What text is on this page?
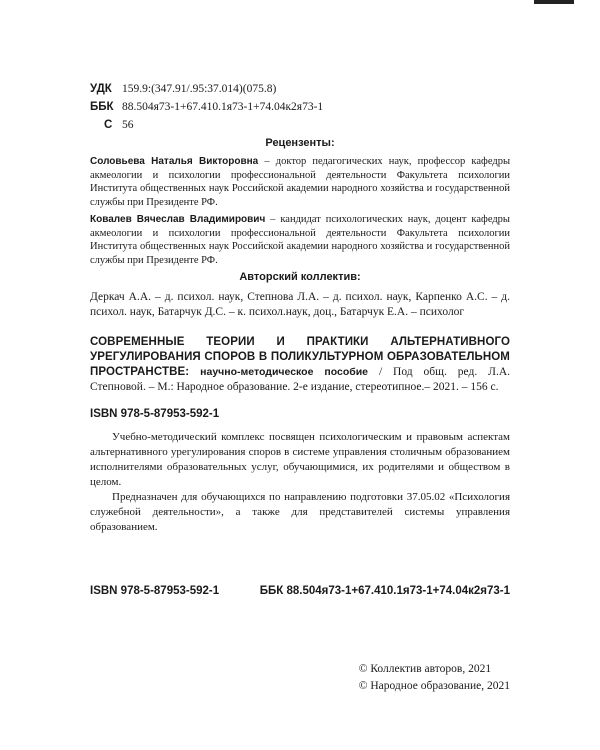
УДК 159.9:(347.91/.95:37.014)(075.8)
ББК 88.504я73-1+67.410.1я73-1+74.04к2я73-1
С 56
Рецензенты:
Соловьева Наталья Викторовна – доктор педагогических наук, профессор кафедры акмеологии и психологии профессиональной деятельности Факультета психологии Института общественных наук Российской академии народного хозяйства и государственной службы при Президенте РФ.
Ковалев Вячеслав Владимирович – кандидат психологических наук, доцент кафедры акмеологии и психологии профессиональной деятельности Факультета психологии Института общественных наук Российской академии народного хозяйства и государственной службы при Президенте РФ.
Авторский коллектив:
Деркач А.А. – д. психол. наук, Степнова Л.А. – д. психол. наук, Карпенко А.С. – д. психол. наук, Батарчук Д.С. – к. психол.наук, доц., Батарчук Е.А. – психолог
СОВРЕМЕННЫЕ ТЕОРИИ И ПРАКТИКИ АЛЬТЕРНАТИВНОГО УРЕГУЛИРОВАНИЯ СПОРОВ В ПОЛИКУЛЬТУРНОМ ОБРАЗОВАТЕЛЬНОМ ПРОСТРАНСТВЕ: научно-методическое пособие / Под общ. ред. Л.А. Степновой. – М.: Народное образование. 2-е издание, стереотипное.– 2021. – 156 с.
ISBN 978-5-87953-592-1

Учебно-методический комплекс посвящен психологическим и правовым аспектам альтернативного урегулирования споров в системе управления столичным образованием исполнителями образовательных услуг, обучающимися, их родителями и обществом в целом.

Предназначен для обучающихся по направлению подготовки 37.05.02 «Психология служебной деятельности», а также для представителей системы управления образованием.

ISBN 978-5-87953-592-1	ББК 88.504я73-1+67.410.1я73-1+74.04к2я73-1
© Коллектив авторов, 2021
© Народное образование, 2021
